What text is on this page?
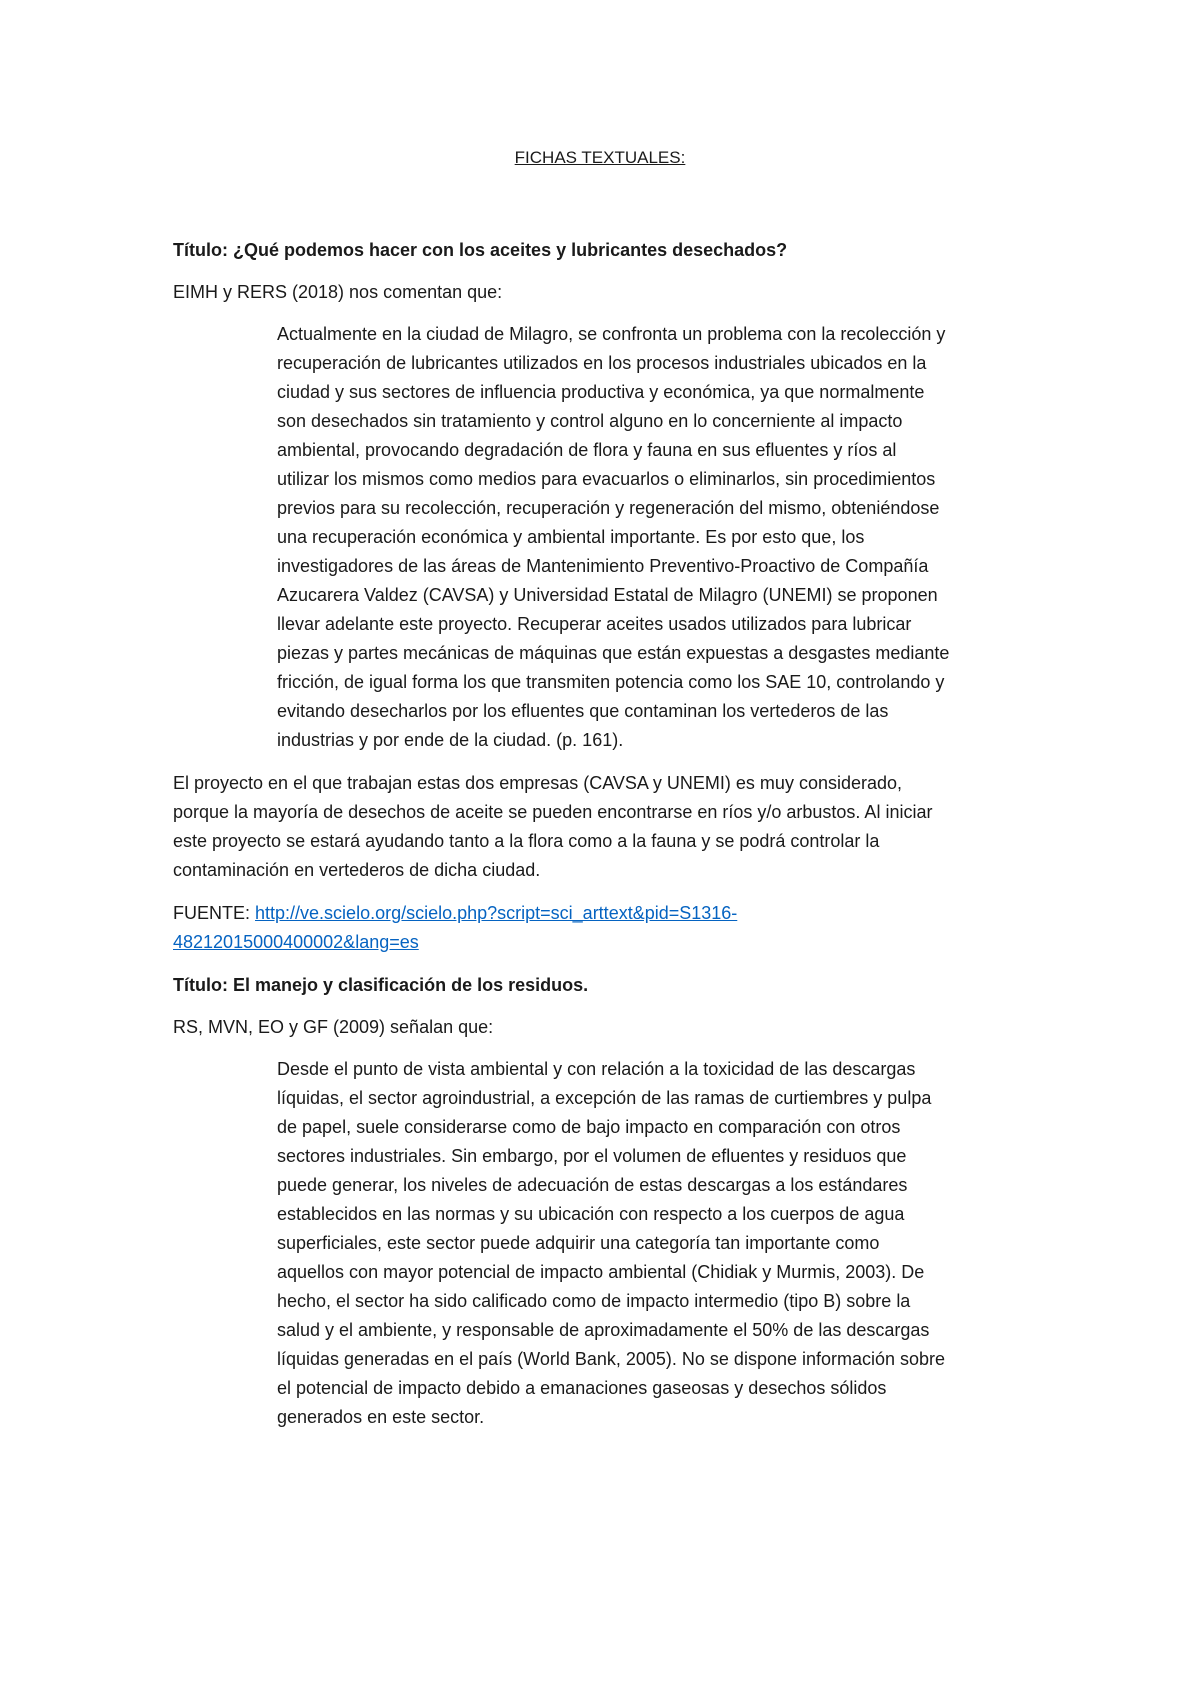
FICHAS TEXTUALES:

Título: ¿Qué podemos hacer con los aceites y lubricantes desechados?

EIMH y RERS (2018) nos comentan que:

Actualmente en la ciudad de Milagro, se confronta un problema con la recolección y

recuperación de lubricantes utilizados en los procesos industriales ubicados en la

ciudad y sus sectores de influencia productiva y económica, ya que normalmente

son desechados sin tratamiento y control alguno en lo concerniente al impacto

ambiental, provocando degradación de flora y fauna en sus efluentes y ríos al

utilizar los mismos como medios para evacuarlos o eliminarlos, sin procedimientos

previos para su recolección, recuperación y regeneración del mismo, obteniéndose

una recuperación económica y ambiental importante. Es por esto que, los

investigadores de las áreas de Mantenimiento Preventivo-Proactivo de Compañía

Azucarera Valdez (CAVSA) y Universidad Estatal de Milagro (UNEMI) se proponen

llevar adelante este proyecto. Recuperar aceites usados utilizados para lubricar

piezas y partes mecánicas de máquinas que están expuestas a desgastes mediante

fricción, de igual forma los que transmiten potencia como los SAE 10, controlando y

evitando desecharlos por los efluentes que contaminan los vertederos de las

industrias y por ende de la ciudad. (p. 161).

El proyecto en el que trabajan estas dos empresas (CAVSA y UNEMI) es muy considerado,

porque la mayoría de desechos de aceite se pueden encontrarse en ríos y/o arbustos. Al iniciar

este proyecto se estará ayudando tanto a la flora como a la fauna y se podrá controlar la

contaminación en vertederos de dicha ciudad.

FUENTE: http://ve.scielo.org/scielo.php?script=sci_arttext&pid=S1316-

48212015000400002&lang=es

Título: El manejo y clasificación de los residuos.

RS, MVN, EO y GF (2009) señalan que:

Desde el punto de vista ambiental y con relación a la toxicidad de las descargas

líquidas, el sector agroindustrial, a excepción de las ramas de curtiembres y pulpa

de papel, suele considerarse como de bajo impacto en comparación con otros

sectores industriales. Sin embargo, por el volumen de efluentes y residuos que

puede generar, los niveles de adecuación de estas descargas a los estándares

establecidos en las normas y su ubicación con respecto a los cuerpos de agua

superficiales, este sector puede adquirir una categoría tan importante como

aquellos con mayor potencial de impacto ambiental (Chidiak y Murmis, 2003). De

hecho, el sector ha sido calificado como de impacto intermedio (tipo B) sobre la

salud y el ambiente, y responsable de aproximadamente el 50% de las descargas

líquidas generadas en el país (World Bank, 2005). No se dispone información sobre

el potencial de impacto debido a emanaciones gaseosas y desechos sólidos

generados en este sector.
